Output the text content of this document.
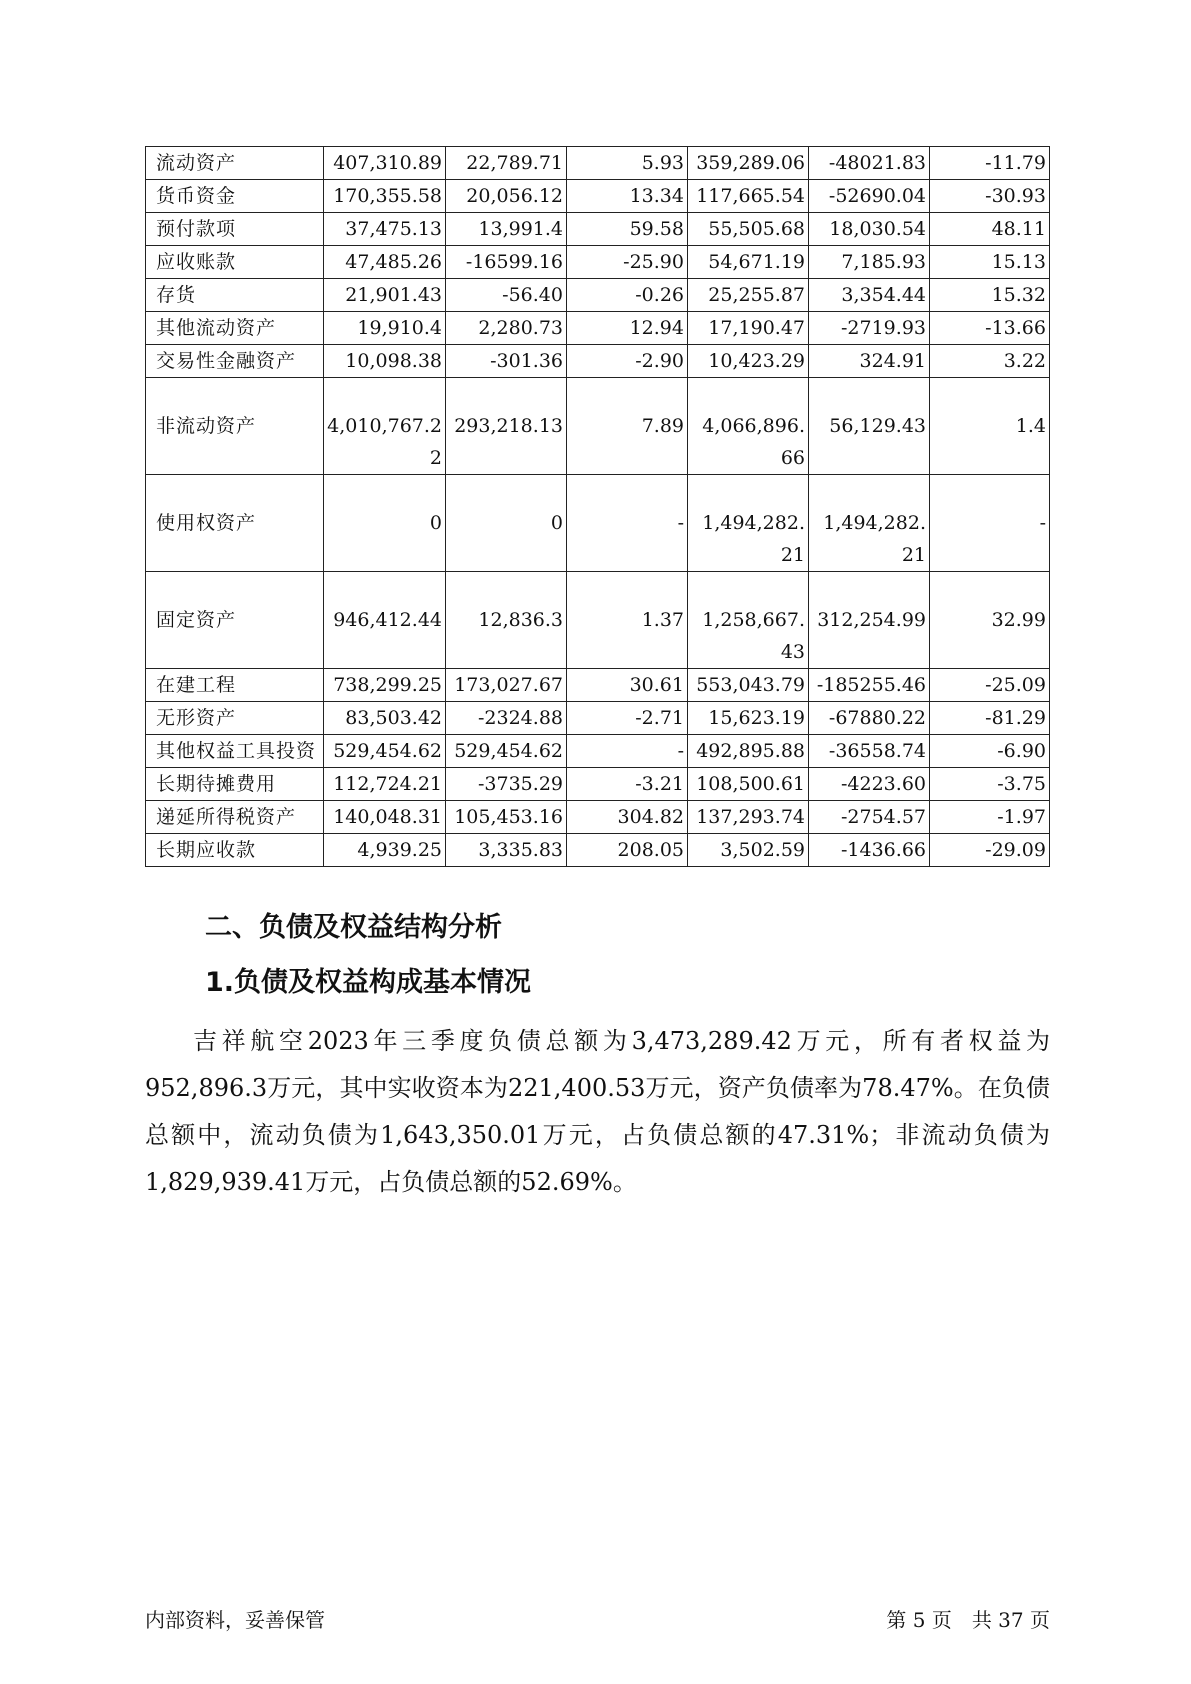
流动资产	407,310.89	22,789.71	5.93	359,289.06	-48021.83	-11.79
货币资金	170,355.58	20,056.12	13.34	117,665.54	-52690.04	-30.93
预付款项	37,475.13	13,991.4	59.58	55,505.68	18,030.54	48.11
应收账款	47,485.26	-16599.16	-25.90	54,671.19	7,185.93	15.13
存货	21,901.43	-56.40	-0.26	25,255.87	3,354.44	15.32
其他流动资产	19,910.4	2,280.73	12.94	17,190.47	-2719.93	-13.66
交易性金融资产	10,098.38	-301.36	-2.90	10,423.29	324.91	3.22
非流动资产	4,010,767.22	293,218.13	7.89	4,066,896.66	56,129.43	1.4
使用权资产	0	0	-	1,494,282.21	1,494,282.21	-
固定资产	946,412.44	12,836.3	1.37	1,258,667.43	312,254.99	32.99
在建工程	738,299.25	173,027.67	30.61	553,043.79	-185255.46	-25.09
无形资产	83,503.42	-2324.88	-2.71	15,623.19	-67880.22	-81.29
其他权益工具投资	529,454.62	529,454.62	-	492,895.88	-36558.74	-6.90
长期待摊费用	112,724.21	-3735.29	-3.21	108,500.61	-4223.60	-3.75
递延所得税资产	140,048.31	105,453.16	304.82	137,293.74	-2754.57	-1.97
长期应收款	4,939.25	3,335.83	208.05	3,502.59	-1436.66	-29.09
二、负债及权益结构分析
1.负债及权益构成基本情况

吉祥航空2023年三季度负债总额为3,473,289.42万元，所有者权益为952,896.3万元，其中实收资本为221,400.53万元，资产负债率为78.47%。在负债总额中，流动负债为1,643,350.01万元，占负债总额的47.31%；非流动负债为1,829,939.41万元，占负债总额的52.69%。

内部资料，妥善保管	第 5 页　共 37 页
